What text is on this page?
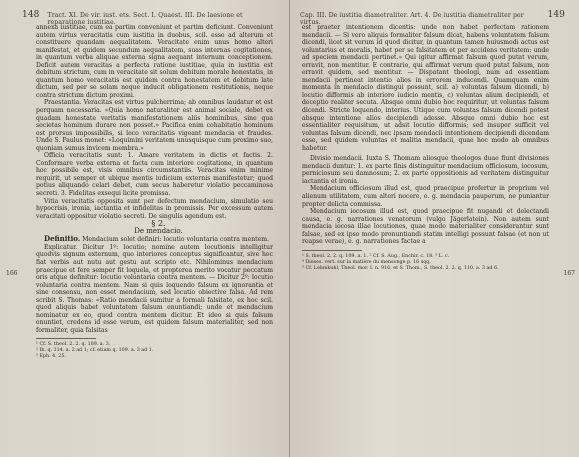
148 Tract. XI. De vir. iust. ets. Sect. I. Quaest. III. De laesione et reparatione iustitiae.

annexa iustitiae, cum ea partim conveniunt et partim deficiunt. Conveniunt autem virtus veracitatis cum iustitia in duobus, scil. esse ad alterum et constituere quandam aequalitatem. Veracitate enim unus homo alteri manifestat, et quidem secundum aequalitatem, suas internas cogitationes, in quantum verba aliquae externa signa aequant internum conceptionem. Deficit autem veracitas a perfecta ratione iustitiae, quia in iustitia est debitum strictum, cum in veracitate sit solum debitum morale honestatis, in quantum homo veracitatis est quidem contra honestatem et debitum late dictum, sed per se solam neque inducit obligationem restitutionis, neque contra strictum dictum proximi.

Praestantia. Veracitas est virtus pulcherrima; ab omnibus laudatur et est perquam necessaria. «Quia homo naturaliter est animal sociale, debet ex quadam honestate veritatis manifestationem aliis hominibus, sine qua societas hominum durare non posset.» Pacifica enim cohabitatio hominum est prorsus impossibilis, si loco veracitatis vigeant mendacia et fraudes. Unde S. Paulus monet: «Loquimini veritatem unusquisque cum proximo suo, quoniam sumus invicem membra.»

Officia veracitatis sunt: 1. Amare veritatem in dictis et factis. 2. Conformare verba externa et facta cum interiore cogitatione, in quantum hoc possibile est, visis omnibus circumstantiis. Veracitas enim minime requirit, ut semper et ubique mentis iudicium externis manifestetur; quod potius aliquando celari debet, cum secus haberetur violatio peccaminosa secreti. 3. Fidelitas exsequi licite promissa.

Vitia veracitatis opposita sunt per defectum mendacium, simulatio seu hypocrisis, ironia, iactantia et infidelitas in promissis. Per excessum autem veracitati oppositur violatio secreti. De singulis agendum est.

§ 2.

De mendacio.

Definitio. Mendacium solet definiri: locutio voluntaria contra mentem.

Explicatur. Dicitur 1º: locutio; nomine autem locutionis intelligitur quodvis signum externum, quo interiores conceptus significantur, sive hoc fiat verbis aut nutu aut gestu aut scripto etc. Nihilominus mendacium praecipue et fere semper fit loquela, et propterea merito vocatur peccatum oris atque definitur: locutio voluntaria contra mentem. — Dicitur 2º: locutio voluntaria contra mentem. Nam si quis loquendo falsum ex ignorantia et sine consensu, non esset mendacium, sed locutio obiective falsa. Ad rem scribit S. Thomas: «Ratio mendacii sumitur a formali falsitate, ex hoc scil. quod aliquis habet voluntatem falsum enuntiandi; unde et mendacium nominatur ex eo, quod contra mentem dicitur. Et ideo si quis falsum enuntiet, credens id esse verum, est quidem falsum materialiter, sed non formaliter, quia falsitas

¹ Cf. S. theol. 2. 2. q. 109. a. 3.

² Ib. q. 114. a. 2 ad 1; cf. etiam q. 109. a. 3 ad 1.

³ Eph. 4, 25.

166
Cap. III. De iustitia diametraliter. Art. 4. De iustitia diametraliter per virtus.
149

est praeter intentionem dicentis: unde non habet perfectam rationem mendacii. — Si vero aliquis formaliter falsum dicat, habens voluntatem falsum dicendi, licet sit verum id quod dicitur, in quantum tamen huiusmodi actus est voluntarius et moralis, habet per se falsitatem et per accidens veritatem: unde ad speciem mendacii pertinet.» Qui igitur affirmat falsum quod putat verum, erravit, non mentitur. E contrario, qui affirmat verum quod putat falsum, non erravit quidem, sed mentitur. — Dispatant theologi, num ad essentiam mendacii pertineat intentio alios in errorem inducendi. Quamquam enim momenta in mendacio distingui possunt, scil. a) voluntas falsum dicendi, b) locutio difformis ab interiore iudicio mentis, c) voluntas alium decipiendi, et deceptio realiter secuta. Absque omni dubio hoc requiritur, ut voluntas falsum dicendi. Stricte loquendo, interius. Utique cum voluntas falsum dicendi potest absque intentione alios decipiendi adesse. Absque omni dubio hoc est essentialiter requisitum, ut adsit locutio difformis; sed insuper sufficit vel voluntas falsum dicendi, nec ipsam mendacii intentionem decipiendi dicendam esse, sed quidem voluntas et malitia mendacii, quae hoc modo ab omnibus habetur.

Divisio mendacii. Iuxta S. Thomam aliosque theologos duae fiunt divisiones mendacii duntur: 1. ex parte finis distinguitur mendacium officiosum, iocosum, perniciosum seu damnosum; 2. ex parte oppositionis ad veritatem distinguitur iactantia et ironia.

Mendacium officiosum illud est, quod praecipue profertur in proprium vel alienum utilitatem, cum alteri nocere, e. g. mendacia pauperum, ne puniantur propter delicta commissa.

Mendacium iocosum illud est, quod praecipue fit nugandi et delectandi causa, e. g. narrationes venatorum (vulgo Jägerlatein). Non autem sunt mendacia iocosa illae locutiones, quae modo materialiter considerantur sunt falsae, sed ex ipso modo pronuntiandi statim intelligi possunt falsae (et non ut reapse verae), e. g. narrationes factae a

¹ S. theol. 2. 2. q. 109. a. 1. ² Cf. S. Aug., Enchir. c. 18. ³ L. c.

⁴ Dieses. vert. sur la matière du mensonge p. 16 sqq.

⁵ Cf. Lehmkuhl, Theol. mor. I. n. 916, et S. Thom., S. theol. 2. 2. q. 110. a. 3 ad 6.

167
